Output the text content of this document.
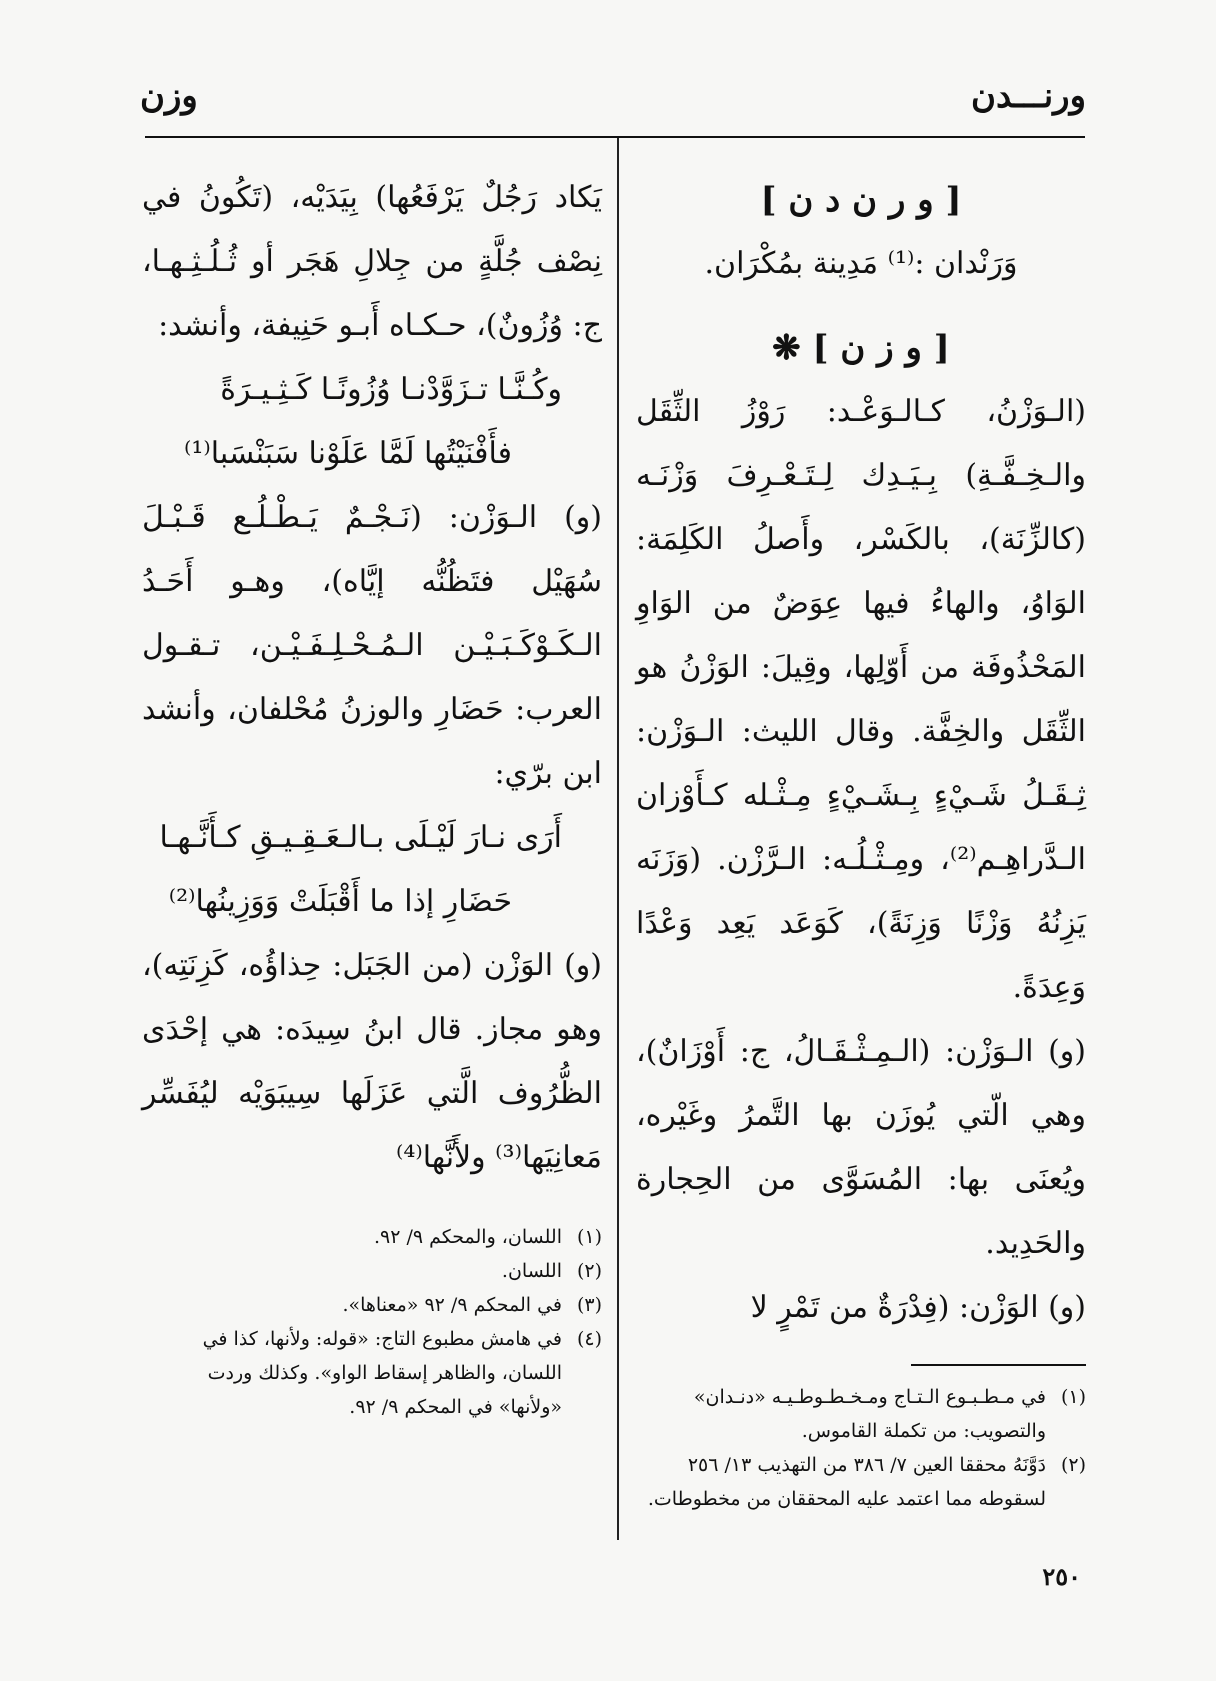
ورنـــدن
وزن
[ و ر ن د ن ]
وَرَنْدان :⁽¹⁾ مَدِينة بمُكْرَان.
[ و ز ن ] ❋

(الـوَزْنُ، كـالـوَعْـد: رَوْزُ الثِّقَل والـخِـفَّـةِ) بِـيَـدِك لِـتَـعْـرِفَ وَزْنَـه (كالزِّنَة)، بالكَسْر، وأَصلُ الكَلِمَة: الوَاوُ، والهاءُ فيها عِوَضٌ من الوَاوِ المَحْذُوفَة من أَوّلِها، وقِيلَ: الوَزْنُ هو الثِّقَل والخِفَّة. وقال الليث: الـوَزْن: ثِـقَـلُ شَـيْءٍ بِـشَـيْءٍ مِـثْـله كـأَوْزان الـدَّراهِـم⁽²⁾، ومِـثْـلُـه: الـرَّزْن. (وَزَنَه يَزِنُهُ وَزْنًا وَزِنَةً)، كَوَعَد يَعِد وَعْدًا وَعِدَةً.

(و) الـوَزْن: (الـمِـثْـقَـالُ، ج: أَوْزَانٌ)، وهي الّتي يُوزَن بها التَّمرُ وغَيْره، ويُعنَى بها: المُسَوَّى من الحِجارة والحَدِيد.

(و) الوَزْن: (فِدْرَةٌ من تَمْرٍ لا

(١)في مـطـبـوع الـتـاج ومـخـطـوطـيـه «دنـدان» والتصويب: من تكملة القاموس.

(٢)دَوَّنَهُ محققا العين ٧/ ٣٨٦ من التهذيب ١٣/ ٢٥٦ لسقوطه مما اعتمد عليه المحققان من مخطوطات.

يَكاد رَجُلٌ يَرْفَعُها) بِيَدَيْه، (تَكُونُ في نِصْف جُلَّةٍ من جِلالِ هَجَر أو ثُـلُـثِـهـا، ج: وُزُونٌ)، حـكـاه أَبـو حَنِيفة، وأنشد:

وكُـنَّـا تـزَوَّدْنـا وُزُونًـا كَـثِـيـرَةً
فأَفْنَيْتُها لَمَّا عَلَوْنا سَبَنْسَبا⁽¹⁾

(و) الـوَزْن: (نَـجْـمٌ يَـطْـلُـع قَـبْـلَ سُهَيْل فتَظُنُّه إيَّاه)، وهـو أَحَـدُ الـكَـوْكَـبَـيْـن الـمُـحْـلِـفَـيْـن، تـقـول العرب: حَضَارِ والوزنُ مُحْلفان، وأنشد ابن برّي:

أَرَى نـارَ لَيْـلَى بـالـعَـقِـيـقِ كـأَنَّـهـا
حَضَارِ إذا ما أَقْبَلَتْ وَوَزِينُها⁽²⁾

(و) الوَزْن (من الجَبَل: حِذاؤُه، كَزِنَتِه)، وهو مجاز. قال ابنُ سِيدَه: هي إحْدَى الظُّرُوف الَّتي عَزَلَها سِيبَوَيْه ليُفَسِّر مَعانِيَها⁽³⁾ ولأَنَّها⁽⁴⁾

(١)اللسان، والمحكم ٩/ ٩٢.

(٢)اللسان.

(٣)في المحكم ٩/ ٩٢ «معناها».

(٤)في هامش مطبوع التاج: «قوله: ولأنها، كذا في اللسان، والظاهر إسقاط الواو». وكذلك وردت «ولأنها» في المحكم ٩/ ٩٢.

٢٥٠
